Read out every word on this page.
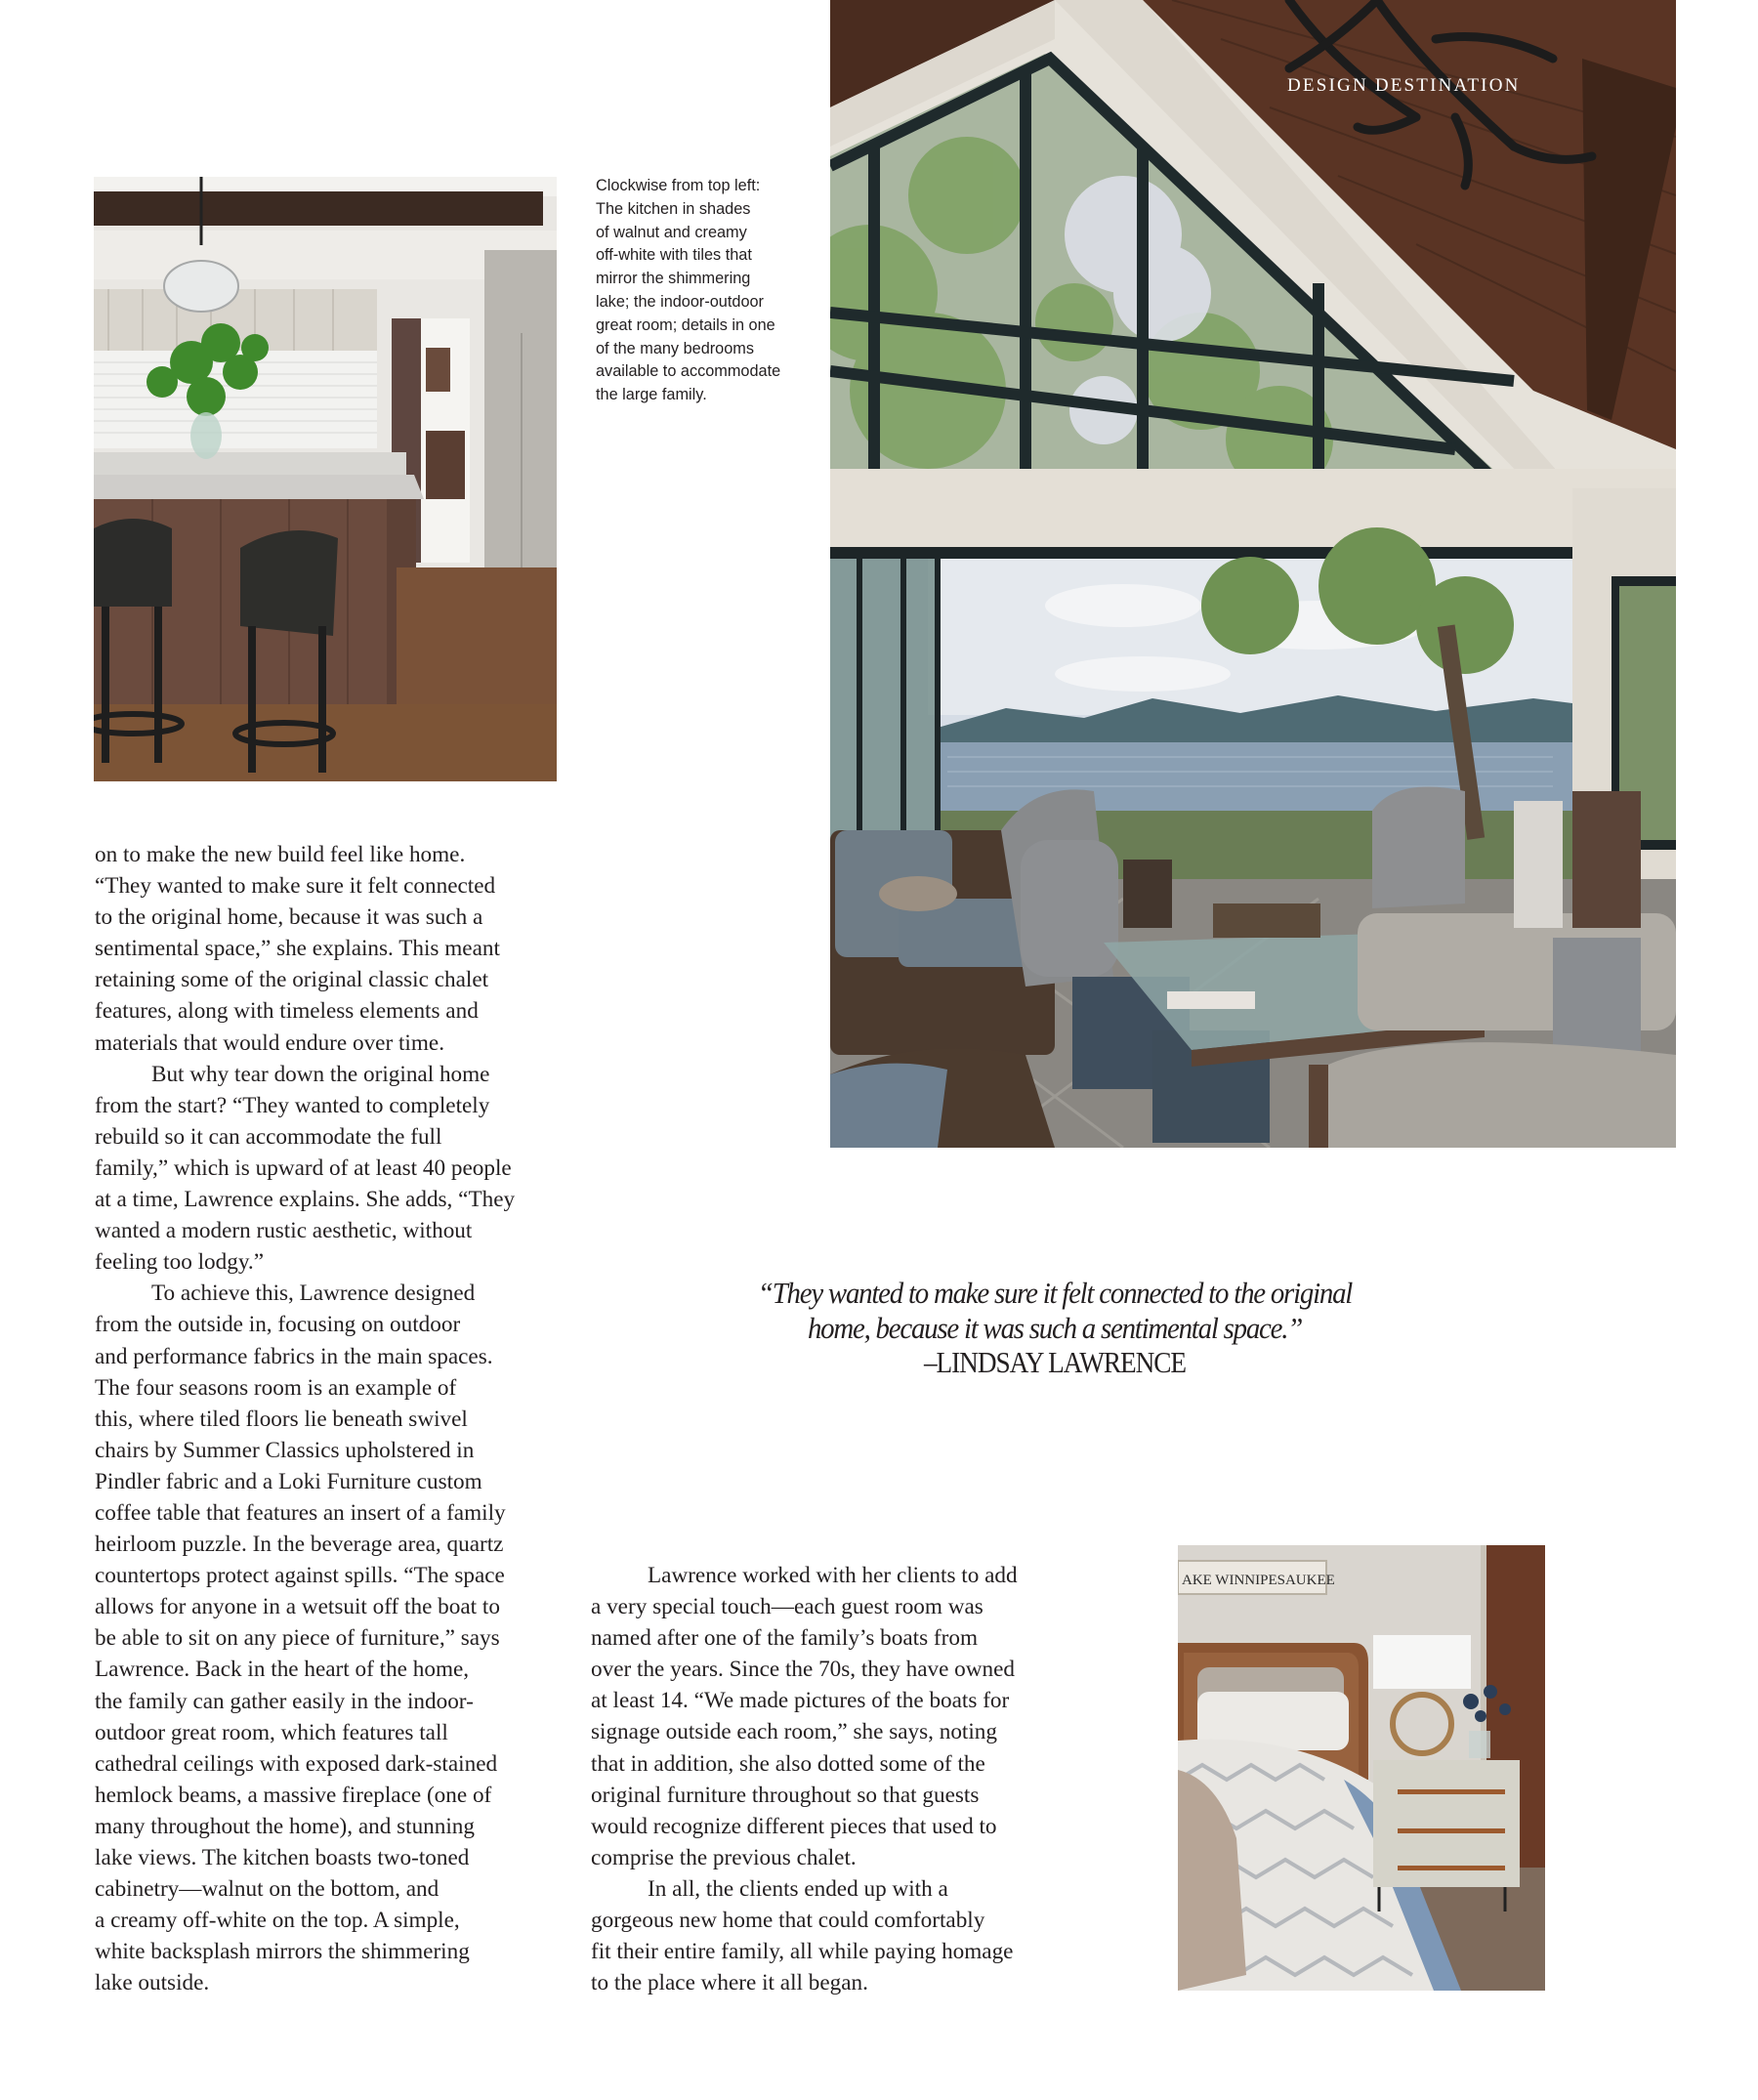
DESIGN DESTINATION
Clockwise from top left:
The kitchen in shades
of walnut and creamy
off-white with tiles that
mirror the shimmering
lake; the indoor-outdoor
great room; details in one
of the many bedrooms
available to accommodate
the large family.
on to make the new build feel like home.
“They wanted to make sure it felt connected
to the original home, because it was such a
sentimental space,” she explains. This meant
retaining some of the original classic chalet
features, along with timeless elements and
materials that would endure over time.
But why tear down the original home
from the start? “They wanted to completely
rebuild so it can accommodate the full
family,” which is upward of at least 40 people
at a time, Lawrence explains. She adds, “They
wanted a modern rustic aesthetic, without
feeling too lodgy.”
To achieve this, Lawrence designed
from the outside in, focusing on outdoor
and performance fabrics in the main spaces.
The four seasons room is an example of
this, where tiled floors lie beneath swivel
chairs by Summer Classics upholstered in
Pindler fabric and a Loki Furniture custom
coffee table that features an insert of a family
heirloom puzzle. In the beverage area, quartz
countertops protect against spills. “The space
allows for anyone in a wetsuit off the boat to
be able to sit on any piece of furniture,” says
Lawrence. Back in the heart of the home,
the family can gather easily in the indoor-
outdoor great room, which features tall
cathedral ceilings with exposed dark-stained
hemlock beams, a massive fireplace (one of
many throughout the home), and stunning
lake views. The kitchen boasts two-toned
cabinetry—walnut on the bottom, and
a creamy off-white on the top. A simple,
white backsplash mirrors the shimmering
lake outside.
“They wanted to make sure it felt connected to the original
home, because it was such a sentimental space.”
–LINDSAY LAWRENCE
Lawrence worked with her clients to add
a very special touch—each guest room was
named after one of the family’s boats from
over the years. Since the 70s, they have owned
at least 14. “We made pictures of the boats for
signage outside each room,” she says, noting
that in addition, she also dotted some of the
original furniture throughout so that guests
would recognize different pieces that used to
comprise the previous chalet.
In all, the clients ended up with a
gorgeous new home that could comfortably
fit their entire family, all while paying homage
to the place where it all began.
AKE WINNIPESAUKEE
